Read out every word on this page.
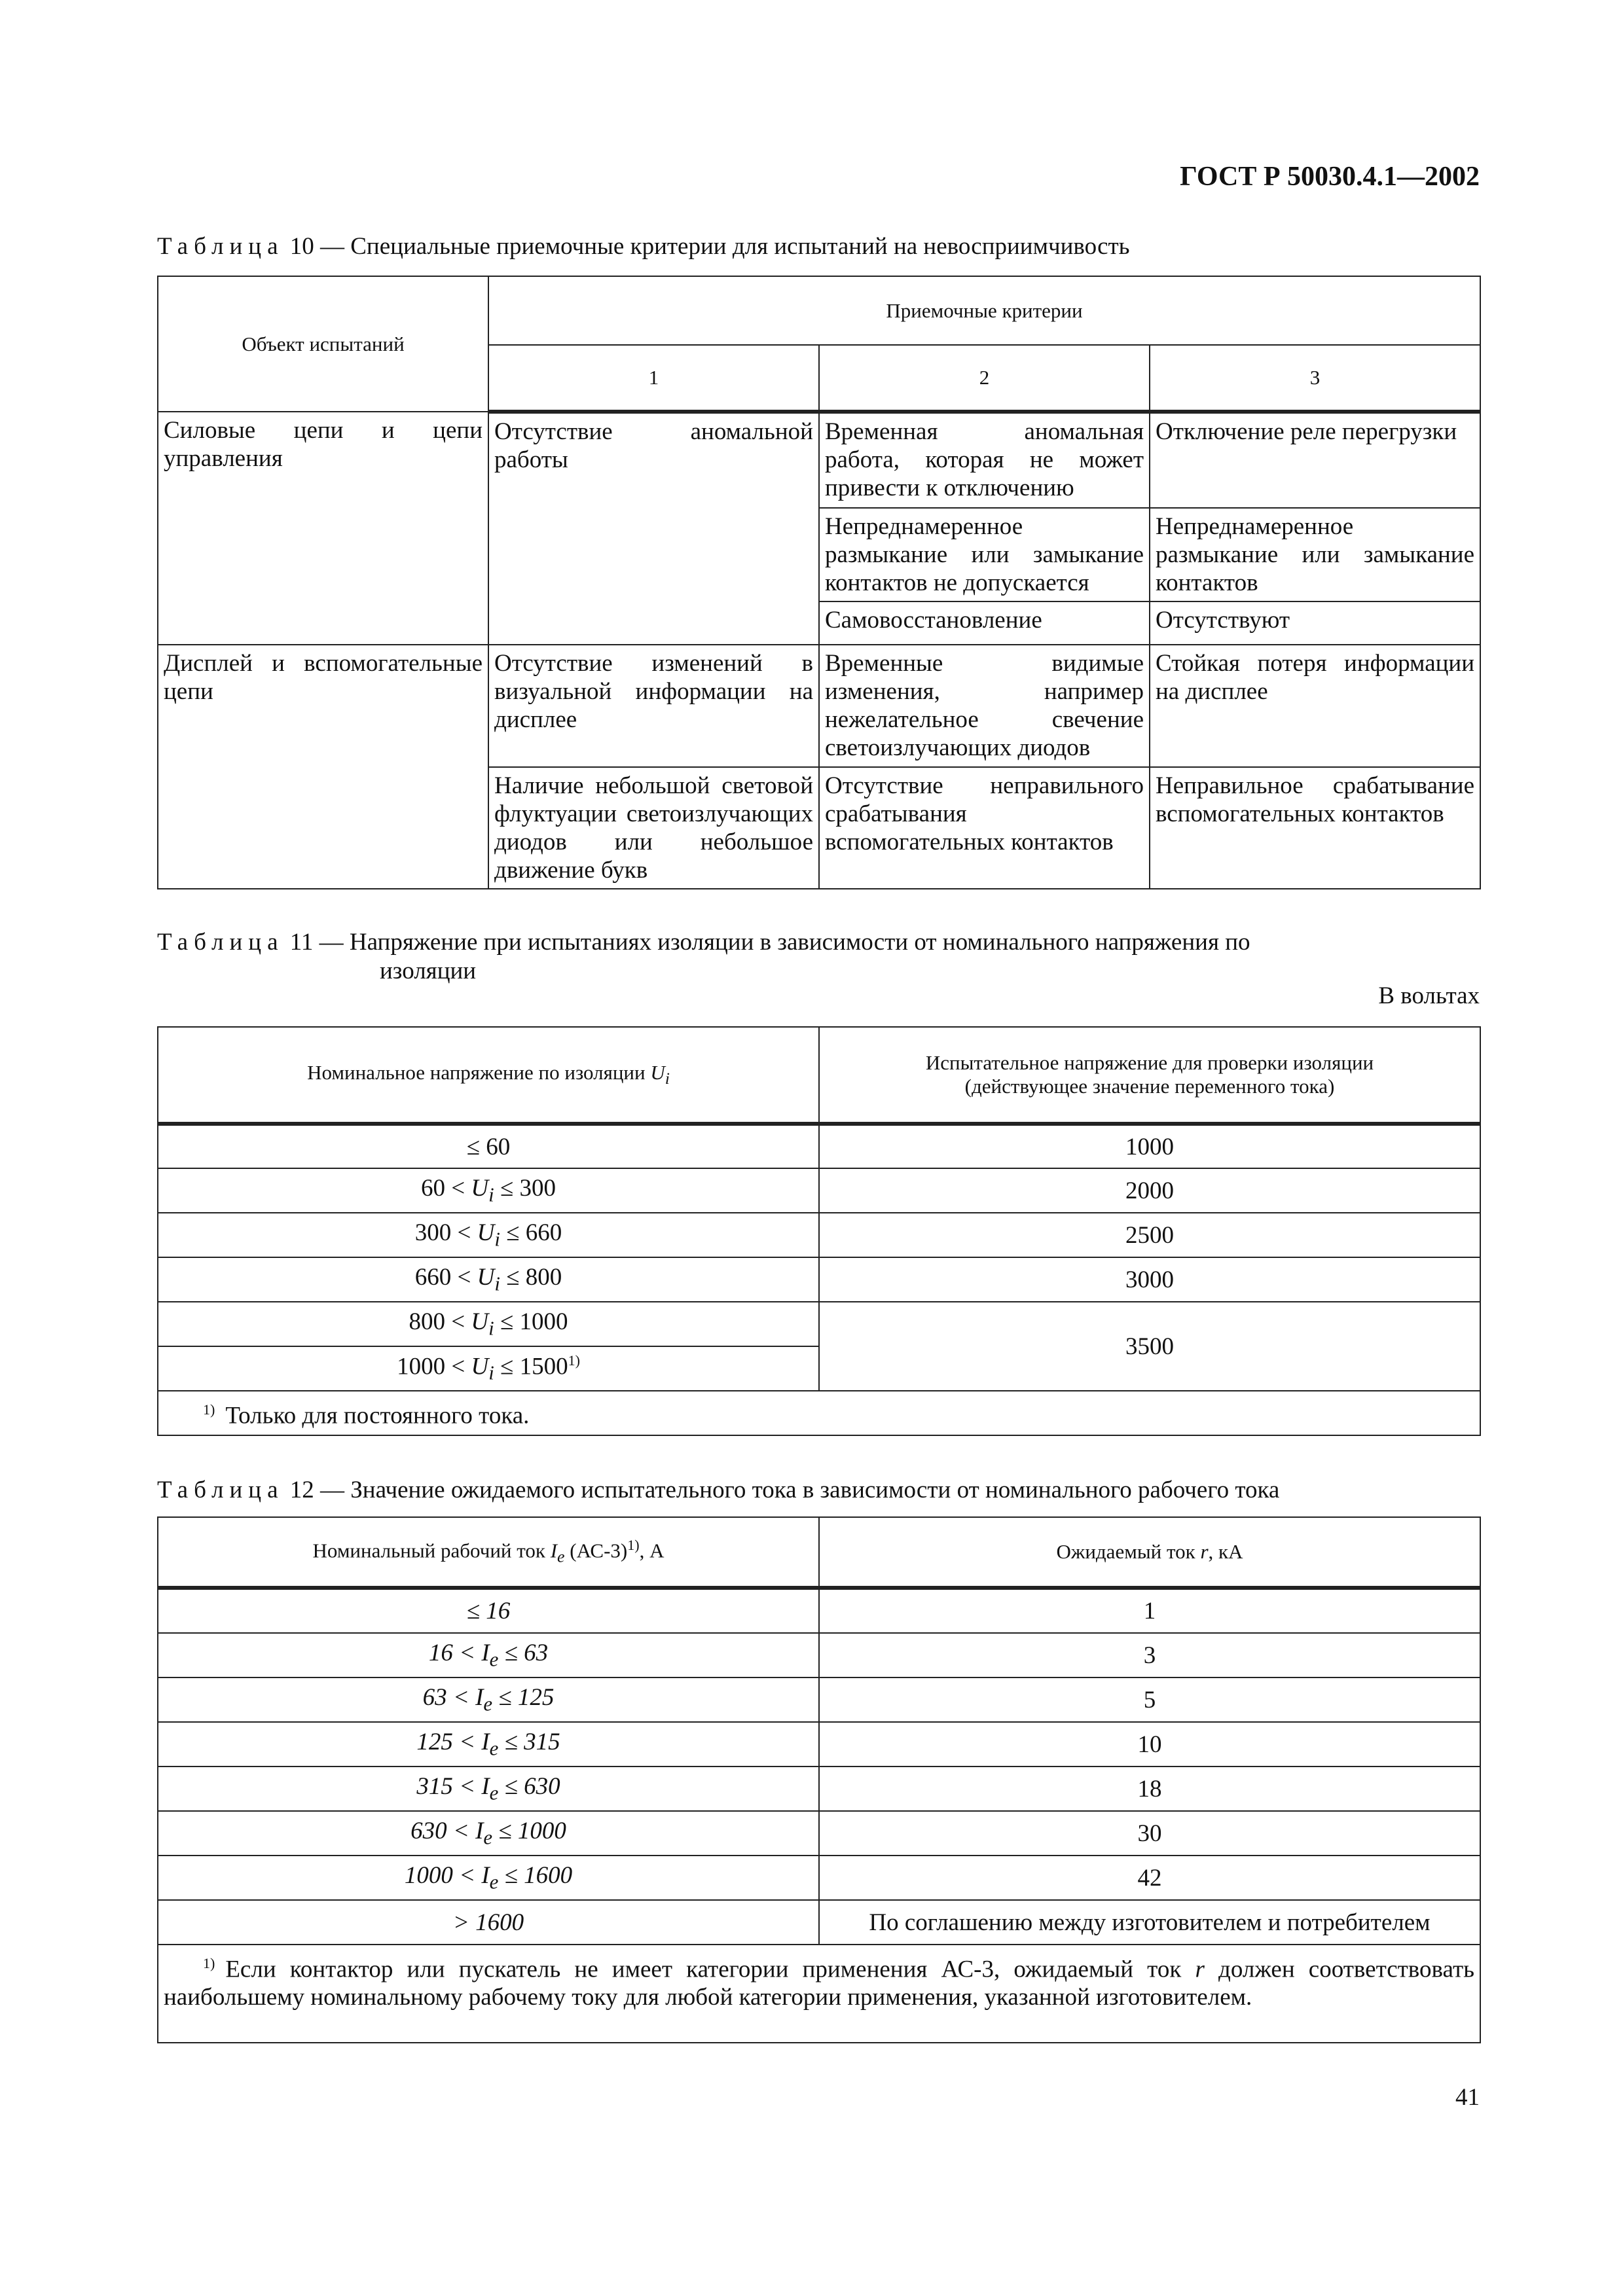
ГОСТ Р 50030.4.1—2002
Таблица 10 — Специальные приемочные критерии для испытаний на невосприимчивость
Объект испытаний	Приемочные критерии		
	1	2	3
Силовые цепи и цепи управления	Отсутствие аномальной работы	Временная аномальная работа, которая не может привести к отключению	Отключение реле перегрузки
		Непреднамеренное размыкание или замыкание контактов не допускается	Непреднамеренное размыкание или замыкание контактов
		Самовосстановление	Отсутствуют
Дисплей и вспомогательные цепи	Отсутствие изменений в визуальной информации на дисплее	Временные видимые изменения, например нежелательное свечение светоизлучающих диодов	Стойкая потеря информации на дисплее
	Наличие небольшой световой флуктуации светоизлучающих диодов или небольшое движение букв	Отсутствие неправильного срабатывания вспомогательных контактов	Неправильное срабатывание вспомогательных контактов
Таблица 11 — Напряжение при испытаниях изоляции в зависимости от номинального напряжения по
изоляции
В вольтах
Номинальное напряжение по изоляции $U_i$	Испытательное напряжение для проверки изоляции
(действующее значение переменного тока)
≤ 60	1000
$60 < U_i \le 300$	2000
$300 < U_i \le 660$	2500
$660 < U_i \le 800$	3000
$800 < U_i \le 1000$	3500
$1000 < U_i \le 1500^{1)}$
$^{1)}$ Только для постоянного тока.	
Таблица 12 — Значение ожидаемого испытательного тока в зависимости от номинального рабочего тока
Номинальный рабочий ток $I_e$ $(АС-3)^{1)}$, А	Ожидаемый ток r, кА
≤ 16	1
$16 < I_e \le 63$	3
$63 < I_e \le 125$	5
$125 < I_e \le 315$	10
$315 < I_e \le 630$	18
$630 < I_e \le 1000$	30
$1000 < I_e \le 1600$	42
> 1600	По соглашению между изготовителем и потребителем
$^{1)}$ Если контактор или пускатель не имеет категории применения АС-3, ожидаемый ток r должен соответствовать наибольшему номинальному рабочему току для любой категории применения, указанной изготовителем.	
41
